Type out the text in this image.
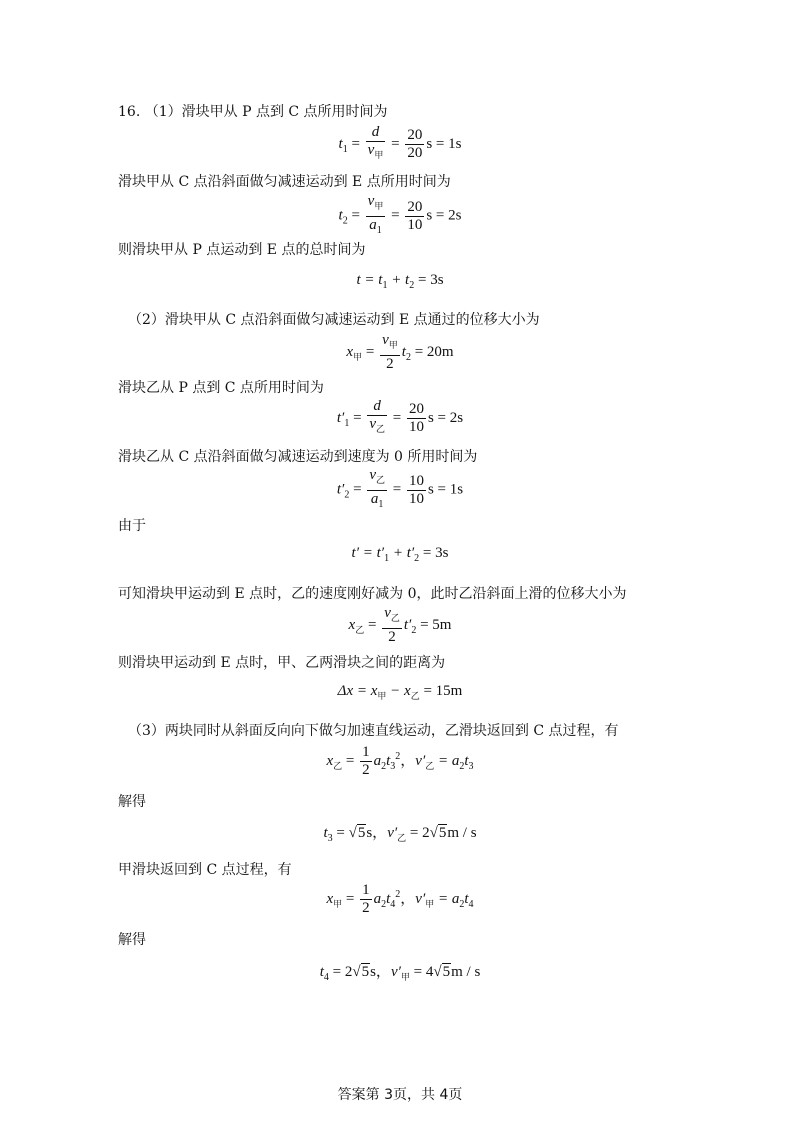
16. （1）滑块甲从 P 点到 C 点所用时间为
$t_1 = \frac{d}{v_甲} = \frac{20}{20}$ s = 1s
滑块甲从 C 点沿斜面做匀减速运动到 E 点所用时间为
$t_2 = \frac{v_甲}{a_1} = \frac{20}{10}$ s = 2s
则滑块甲从 P 点运动到 E 点的总时间为
$t = t_1 + t_2 = 3s$
（2）滑块甲从 C 点沿斜面做匀减速运动到 E 点通过的位移大小为
$x_甲 = \frac{v_甲}{2} t_2 = 20m$
滑块乙从 P 点到 C 点所用时间为
$t'_1 = \frac{d}{v_乙} = \frac{20}{10}$ s = 2s
滑块乙从 C 点沿斜面做匀减速运动到速度为 0 所用时间为
$t'_2 = \frac{v_乙}{a_1} = \frac{10}{10}$ s = 1s
由于
$t' = t'_1 + t'_2 = 3s$
可知滑块甲运动到 E 点时，乙的速度刚好减为 0，此时乙沿斜面上滑的位移大小为
$x_乙 = \frac{v_乙}{2} t'_2 = 5m$
则滑块甲运动到 E 点时，甲、乙两滑块之间的距离为
$\Delta x = x_甲 - x_乙 = 15m$
（3）两块同时从斜面反向向下做匀加速直线运动，乙滑块返回到 C 点过程，有
$x_乙 = \frac{1}{2} a_2t_3^2$，$v'_乙 = a_2t_3$
解得
$t_3 = √5s$，$v'_乙 = 2√5m / s$
甲滑块返回到 C 点过程，有
$x_甲 = \frac{1}{2} a_2t_4^2$，$v'_甲 = a_2t_4$
解得
$t_4 = 2√5s$，$v'_甲 = 4√5m / s$
答案第 3页，共 4页
